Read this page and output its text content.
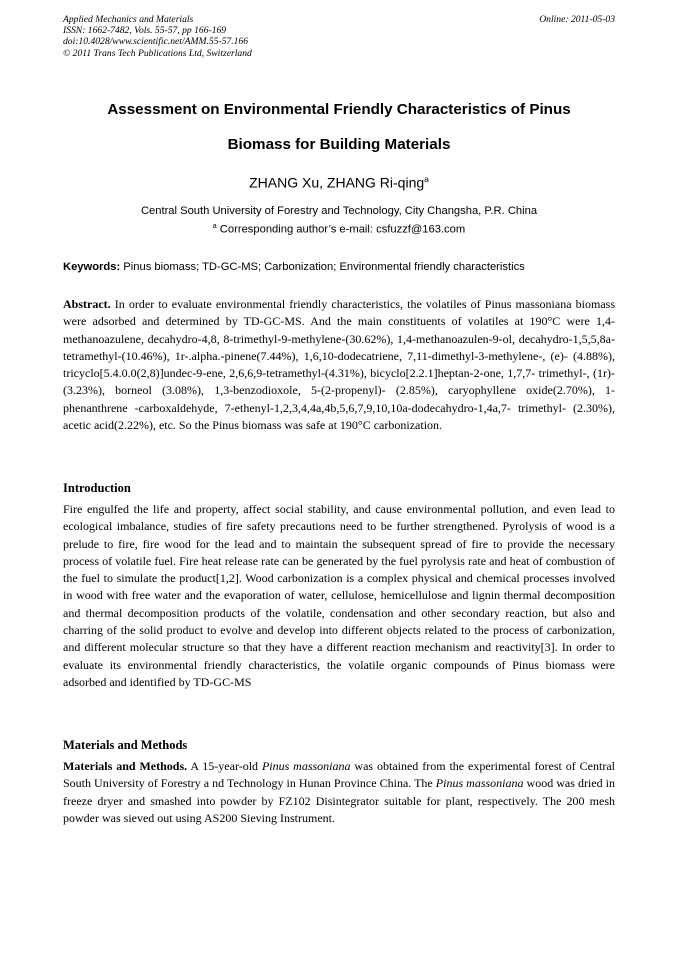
Applied Mechanics and Materials
ISSN: 1662-7482, Vols. 55-57, pp 166-169
doi:10.4028/www.scientific.net/AMM.55-57.166
© 2011 Trans Tech Publications Ltd, Switzerland
Online: 2011-05-03
Assessment on Environmental Friendly Characteristics of Pinus
Biomass for Building Materials
ZHANG Xu, ZHANG Ri-qing$^a$
Central South University of Forestry and Technology, City Changsha, P.R. China
$^a$ Corresponding author’s e-mail: csfuzzf@163.com
Keywords: Pinus biomass; TD-GC-MS; Carbonization; Environmental friendly characteristics

Abstract. In order to evaluate environmental friendly characteristics, the volatiles of Pinus massoniana biomass were adsorbed and determined by TD-GC-MS. And the main constituents of volatiles at 190°C were 1,4-methanoazulene, decahydro-4,8, 8-trimethyl-9-methylene-(30.62%), 1,4-methanoazulen-9-ol, decahydro-1,5,5,8a-tetramethyl-(10.46%), 1r-.alpha.-pinene(7.44%), 1,6,10-dodecatriene, 7,11-dimethyl-3-methylene-, (e)- (4.88%), tricyclo[5.4.0.0(2,8)]undec-9-ene, 2,6,6,9-tetramethyl-(4.31%), bicyclo[2.2.1]heptan-2-one, 1,7,7- trimethyl-, (1r)- (3.23%), borneol (3.08%), 1,3-benzodioxole, 5-(2-propenyl)- (2.85%), caryophyllene oxide(2.70%), 1-phenanthrene -carboxaldehyde, 7-ethenyl-1,2,3,4,4a,4b,5,6,7,9,10,10a-dodecahydro-1,4a,7- trimethyl- (2.30%), acetic acid(2.22%), etc. So the Pinus biomass was safe at 190°C carbonization.

Introduction

Fire engulfed the life and property, affect social stability, and cause environmental pollution, and even lead to ecological imbalance, studies of fire safety precautions need to be further strengthened. Pyrolysis of wood is a prelude to fire, fire wood for the lead and to maintain the subsequent spread of fire to provide the necessary process of volatile fuel. Fire heat release rate can be generated by the fuel pyrolysis rate and heat of combustion of the fuel to simulate the product[1,2]. Wood carbonization is a complex physical and chemical processes involved in wood with free water and the evaporation of water, cellulose, hemicellulose and lignin thermal decomposition and thermal decomposition products of the volatile, condensation and other secondary reaction, but also and charring of the solid product to evolve and develop into different objects related to the process of carbonization, and different molecular structure so that they have a different reaction mechanism and reactivity[3]. In order to evaluate its environmental friendly characteristics, the volatile organic compounds of Pinus biomass were adsorbed and identified by TD-GC-MS

Materials and Methods

Materials and Methods. A 15-year-old Pinus massoniana was obtained from the experimental forest of Central South University of Forestry a nd Technology in Hunan Province China. The Pinus massoniana wood was dried in freeze dryer and smashed into powder by FZ102 Disintegrator suitable for plant, respectively. The 200 mesh powder was sieved out using AS200 Sieving Instrument.
